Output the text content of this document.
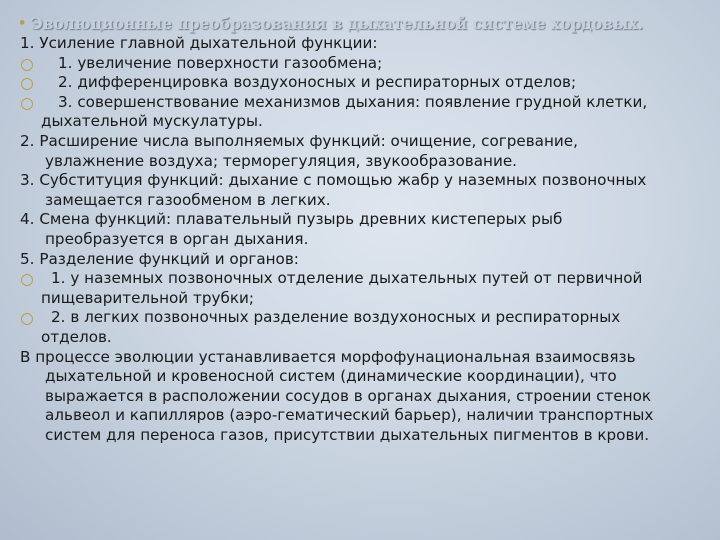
• Эволюционные преобразования в дыхательной системе хордовых.

1. Усиление главной дыхательной функции:

1. увеличение поверхности газообмена;
2. дифференцировка воздухоносных и респираторных отделов;
3. совершенствование механизмов дыхания: появление грудной клетки,
дыхательной мускулатуры.

2. Расширение числа выполняемых функций: очищение, согревание,
увлажнение воздуха; терморегуляция, звукообразование.

3. Субституция функций: дыхание с помощью жабр у наземных позвоночных
замещается газообменом в легких.

4. Смена функций: плавательный пузырь древних кистеперых рыб
преобразуется в орган дыхания.

5. Разделение функций и органов:

1. у наземных позвоночных отделение дыхательных путей от первичной
пищеварительной трубки;
2. в легких позвоночных разделение воздухоносных и респираторных
отделов.

В процессе эволюции устанавливается морфофунациональная взаимосвязь
дыхательной и кровеносной систем (динамические координации), что
выражается в расположении сосудов в органах дыхания, строении стенок
альвеол и капилляров (аэро-гематический барьер), наличии транспортных
систем для переноса газов, присутствии дыхательных пигментов в крови.
